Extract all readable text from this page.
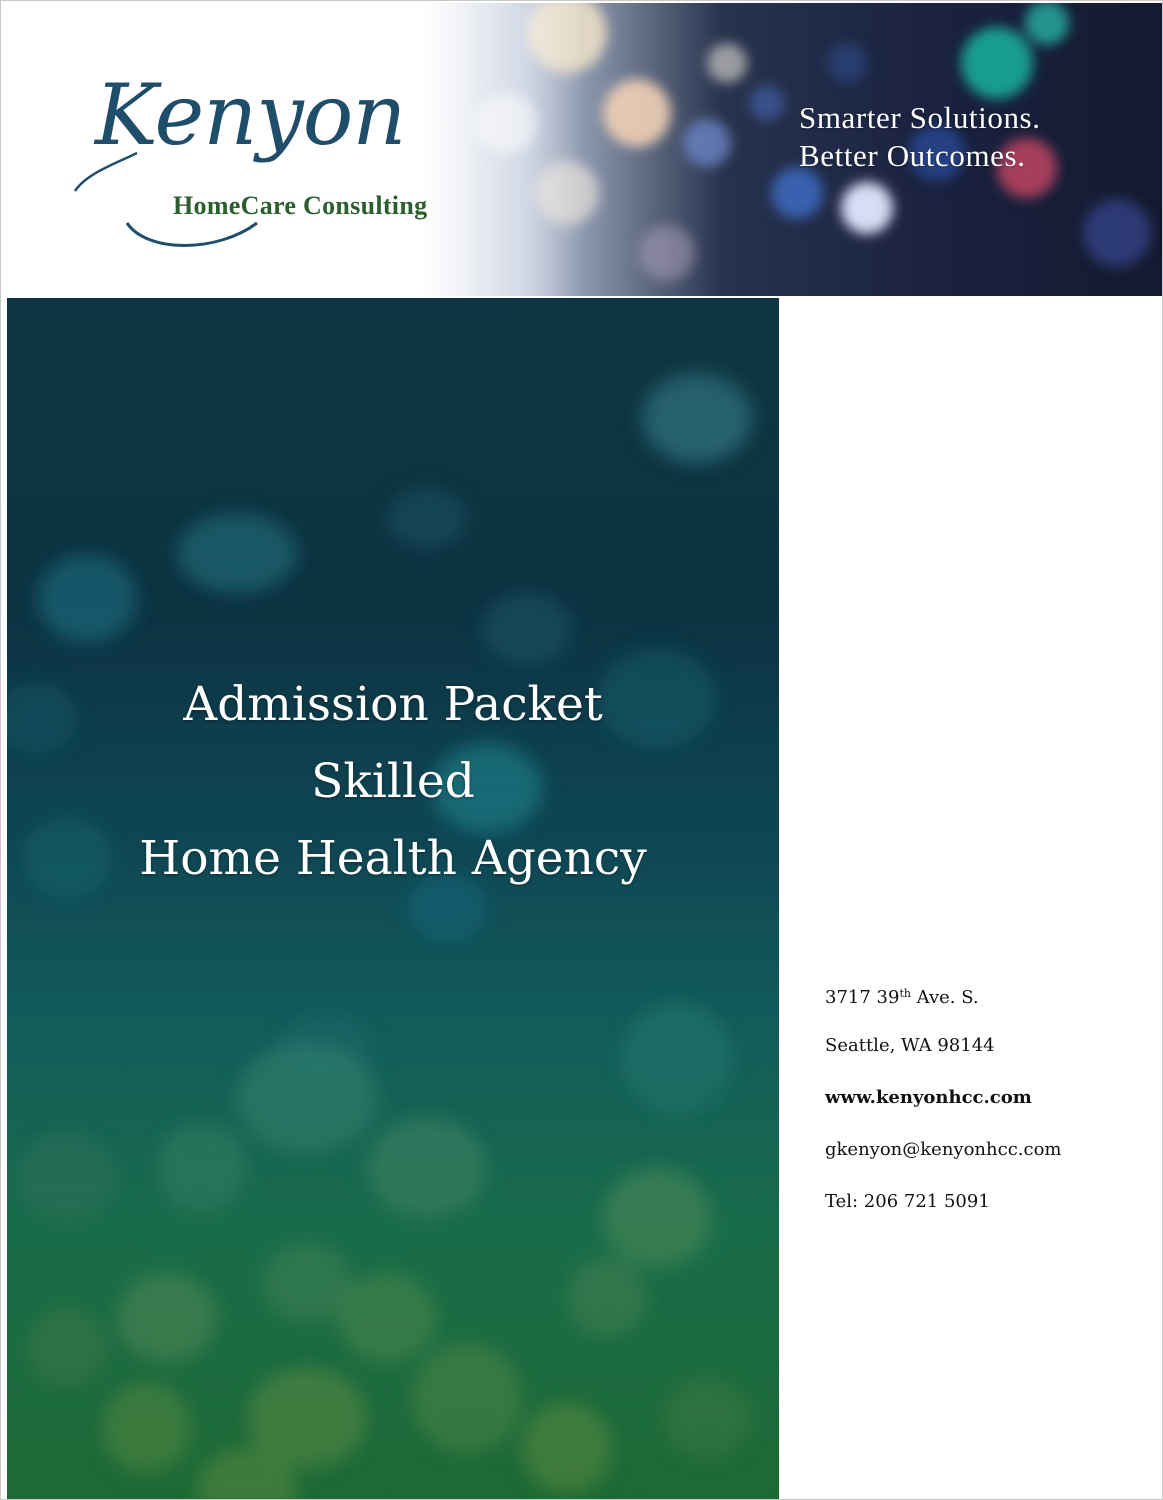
Kenyon
HomeCare Consulting
Smarter Solutions.
Better Outcomes.
Admission Packet
Skilled
Home Health Agency
3717 39th Ave. S.
Seattle, WA 98144
www.kenyonhcc.com
gkenyon@kenyonhcc.com
Tel: 206 721 5091
